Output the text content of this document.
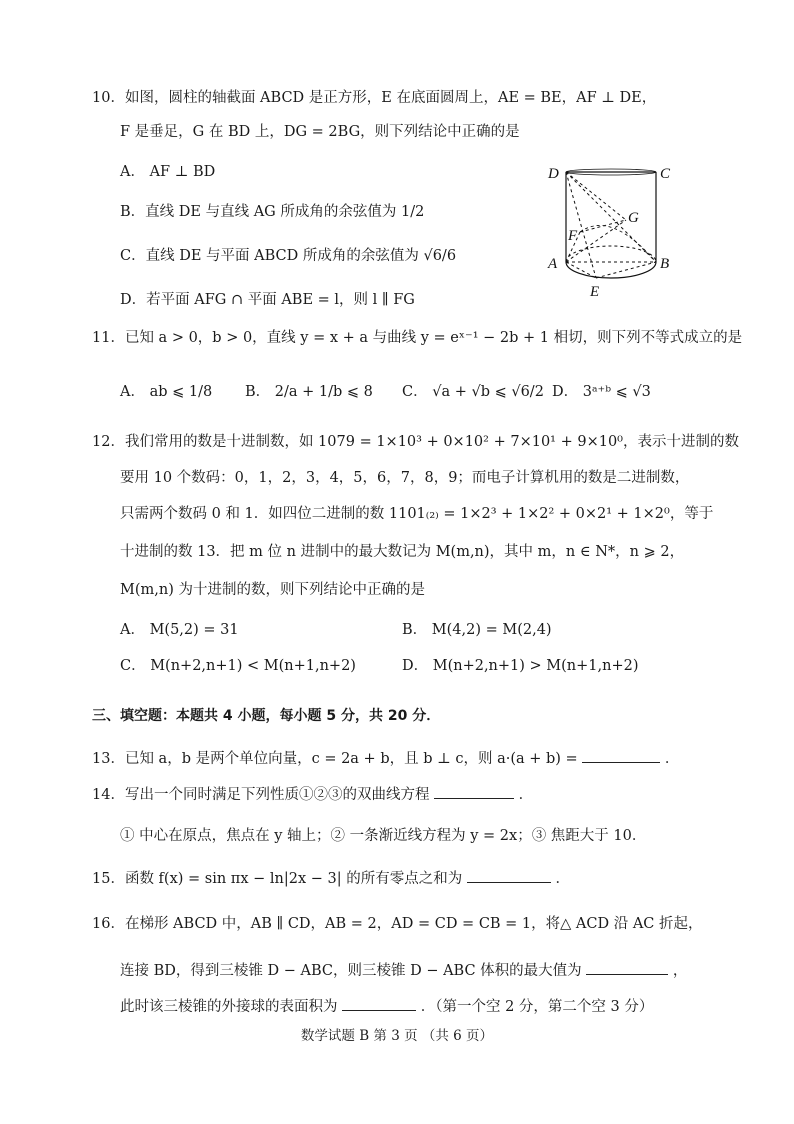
10．如图，圆柱的轴截面 ABCD 是正方形，E 在底面圆周上，AE = BE，AF ⊥ DE，
F 是垂足，G 在 BD 上，DG = 2BG，则下列结论中正确的是
A． AF ⊥ BD
B．直线 DE 与直线 AG 所成角的余弦值为 1/2
C．直线 DE 与平面 ABCD 所成角的余弦值为 √6/6
D．若平面 AFG ∩ 平面 ABE = l，则 l ∥ FG
D	C
G
F
A	B
E
11．已知 a > 0，b > 0，直线 y = x + a 与曲线 y = eˣ⁻¹ − 2b + 1 相切，则下列不等式成立的是
A． ab ⩽ 1/8 B． 2/a + 1/b ⩽ 8 C． √a + √b ⩽ √6/2 D． 3ᵃ⁺ᵇ ⩽ √3
12．我们常用的数是十进制数，如 1079 = 1×10³ + 0×10² + 7×10¹ + 9×10⁰，表示十进制的数
要用 10 个数码：0，1，2，3，4，5，6，7，8，9；而电子计算机用的数是二进制数，
只需两个数码 0 和 1．如四位二进制的数 1101₍₂₎ = 1×2³ + 1×2² + 0×2¹ + 1×2⁰，等于
十进制的数 13．把 m 位 n 进制中的最大数记为 M(m,n)，其中 m，n ∈ N*，n ⩾ 2，
M(m,n) 为十进制的数，则下列结论中正确的是
A． M(5,2) = 31	B． M(4,2) = M(2,4)
C． M(n+2,n+1) < M(n+1,n+2)	D． M(n+2,n+1) > M(n+1,n+2)
三、填空题：本题共 4 小题，每小题 5 分，共 20 分．
13．已知 a，b 是两个单位向量，c = 2a + b，且 b ⊥ c，则 a·(a + b) =	．
14．写出一个同时满足下列性质①②③的双曲线方程	．
① 中心在原点，焦点在 y 轴上；② 一条渐近线方程为 y = 2x；③ 焦距大于 10．
15．函数 f(x) = sin πx − ln|2x − 3| 的所有零点之和为	．
16．在梯形 ABCD 中，AB ∥ CD，AB = 2，AD = CD = CB = 1，将△ ACD 沿 AC 折起，
连接 BD，得到三棱锥 D − ABC，则三棱锥 D − ABC 体积的最大值为	，
此时该三棱锥的外接球的表面积为	．（第一个空 2 分，第二个空 3 分）
数学试题 B 第 3 页 （共 6 页）
